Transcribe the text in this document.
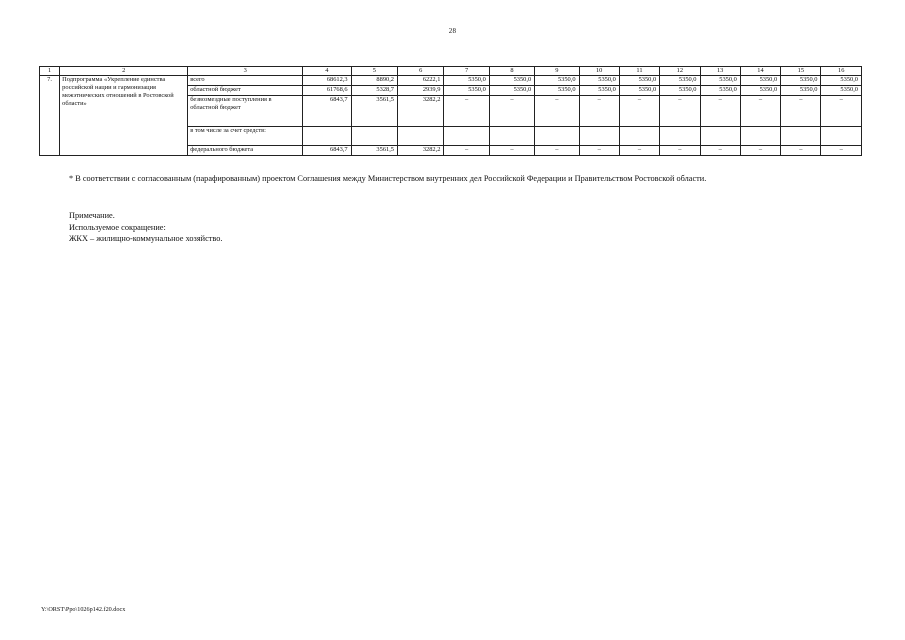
28
1	2	3	4	5	6	7	8	9	10	11	12	13	14	15	16
7.	Подпрограмма «Укрепление единства российской нации и гармонизация межэтнических отношений в Ростовской области»	всего	68612,3	8890,2	6222,1	5350,0	5350,0	5350,0	5350,0	5350,0	5350,0	5350,0	5350,0	5350,0	5350,0
		областной бюджет	61768,6	5328,7	2939,9	5350,0	5350,0	5350,0	5350,0	5350,0	5350,0	5350,0	5350,0	5350,0	5350,0
		безвозмездные поступления в областной бюджет	6843,7	3561,5	3282,2	–	–	–	–	–	–	–	–	–	–
		в том числе за счет средств:													
		федерального бюджета	6843,7	3561,5	3282,2	–	–	–	–	–	–	–	–	–	–
* В соответствии с согласованным (парафированным) проектом Соглашения между Министерством внутренних дел Российской Федерации и Правительством Ростовской области.
Примечание.
Используемое сокращение:
ЖКХ – жилищно-коммунальное хозяйство.
Y:\ORST\Ppo\1026p142.f20.docx
